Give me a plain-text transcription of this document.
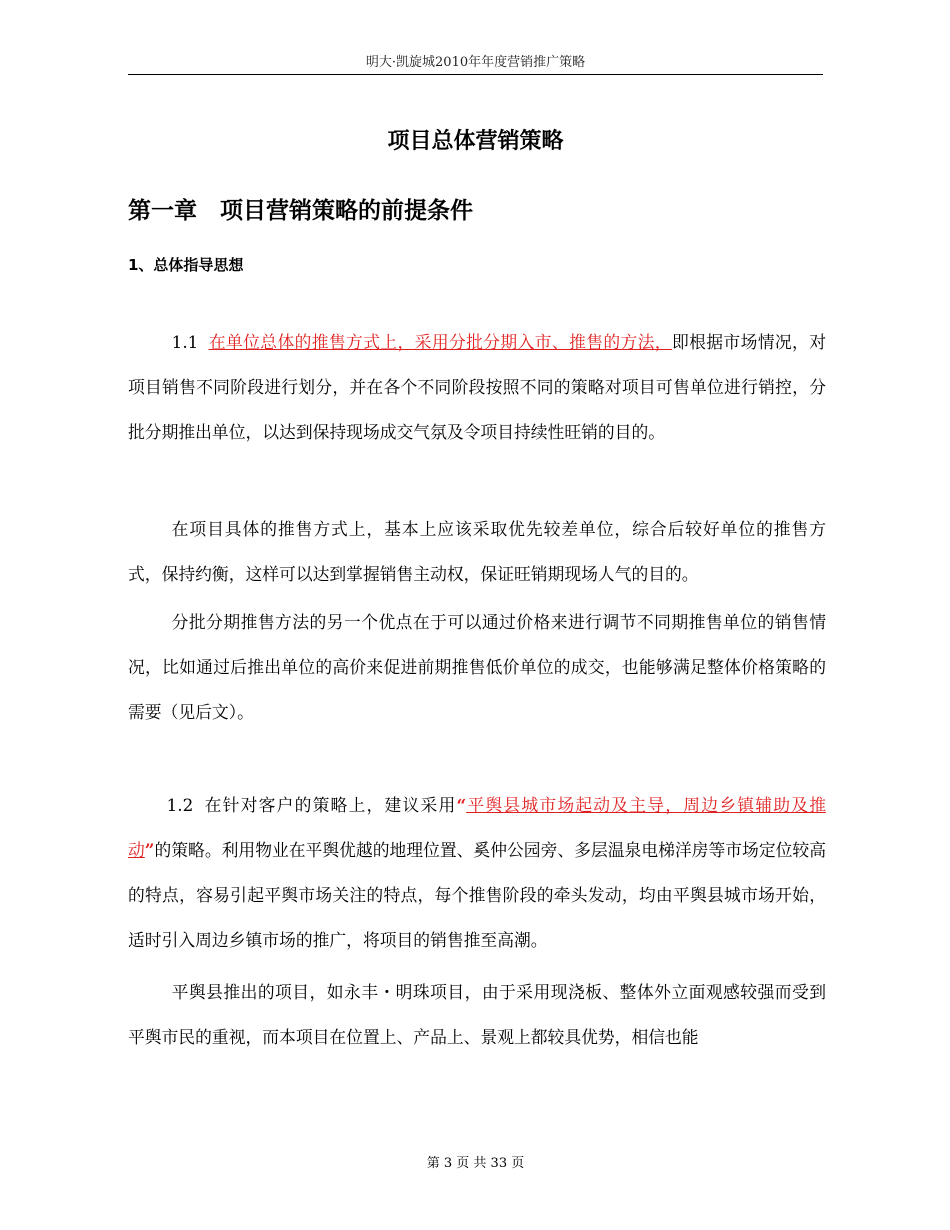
明大·凯旋城2010年年度营销推广策略
项目总体营销策略
第一章　项目营销策略的前提条件
1、总体指导思想

1.1 在单位总体的推售方式上，采用分批分期入市、推售的方法，即根据市场情况，对项目销售不同阶段进行划分，并在各个不同阶段按照不同的策略对项目可售单位进行销控，分批分期推出单位，以达到保持现场成交气氛及令项目持续性旺销的目的。

在项目具体的推售方式上，基本上应该采取优先较差单位，综合后较好单位的推售方式，保持约衡，这样可以达到掌握销售主动权，保证旺销期现场人气的目的。

分批分期推售方法的另一个优点在于可以通过价格来进行调节不同期推售单位的销售情况，比如通过后推出单位的高价来促进前期推售低价单位的成交，也能够满足整体价格策略的需要（见后文）。

1.2 在针对客户的策略上，建议采用“平舆县城市场起动及主导，周边乡镇辅助及推动”的策略。利用物业在平舆优越的地理位置、奚仲公园旁、多层温泉电梯洋房等市场定位较高的特点，容易引起平舆市场关注的特点，每个推售阶段的牵头发动，均由平舆县城市场开始，适时引入周边乡镇市场的推广，将项目的销售推至高潮。

平舆县推出的项目，如永丰・明珠项目，由于采用现浇板、整体外立面观感较强而受到平舆市民的重视，而本项目在位置上、产品上、景观上都较具优势，相信也能

第 3 页 共 33 页
